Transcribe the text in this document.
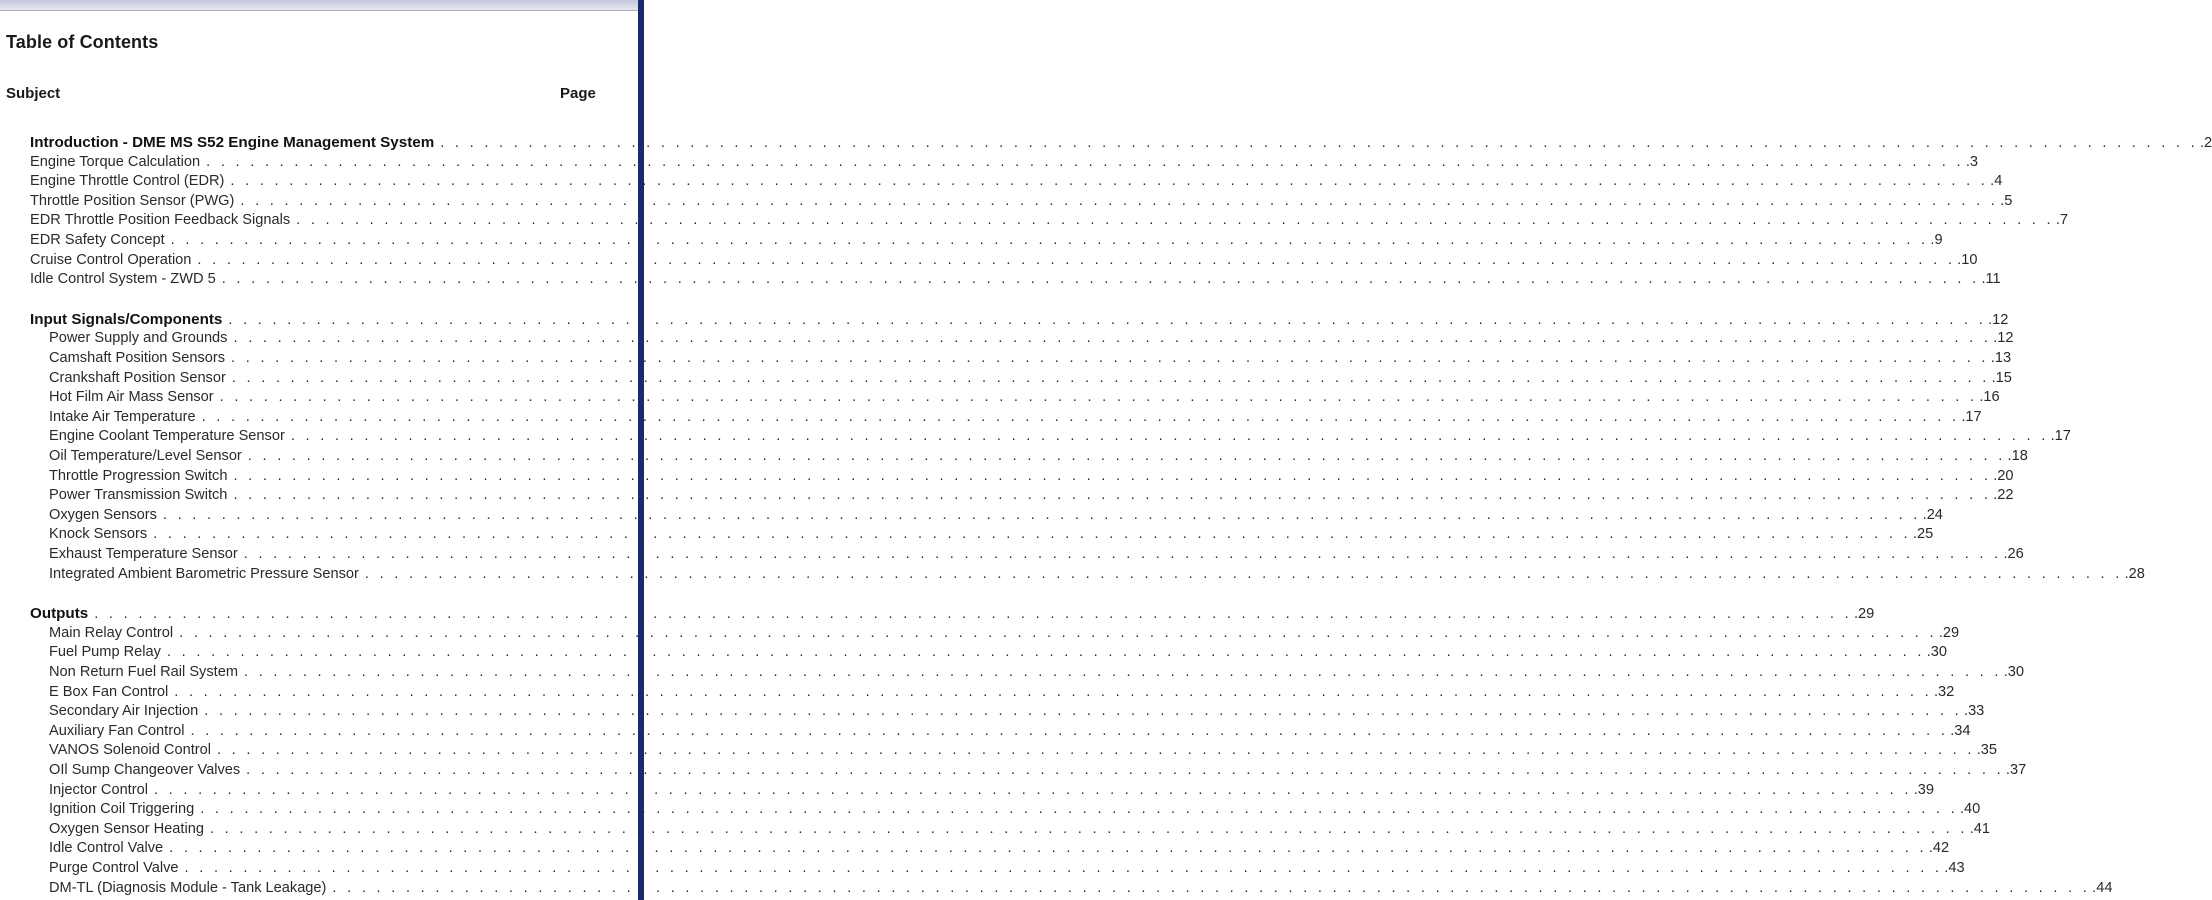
Table of Contents
Subject	Page
Introduction - DME MS S52 Engine Management System . . . . . . . . . . . . . . . . . . . . . . . . . . . . . . . . . . . . . . . . . . . . . . . . . . . . . . . . . . . . . . . . . . . . . . . . . . . . . . . . . . . . . . . . . . . . . . . . . . . . . . . . . . . . . . . . . . . . . . . . .2
Engine Torque Calculation . . . . . . . . . . . . . . . . . . . . . . . . . . . . . . . . . . . . . . . . . . . . . . . . . . . . . . . . . . . . . . . . . . . . . . . . . . . . . . . . . . . . . . . . . . . . . . . . . . . . . . . . . . . . . . . . . . . . . . . . .3
Engine Throttle Control (EDR) . . . . . . . . . . . . . . . . . . . . . . . . . . . . . . . . . . . . . . . . . . . . . . . . . . . . . . . . . . . . . . . . . . . . . . . . . . . . . . . . . . . . . . . . . . . . . . . . . . . . . . . . . . . . . . . . . . . . . . . . .4
Throttle Position Sensor (PWG) . . . . . . . . . . . . . . . . . . . . . . . . . . . . . . . . . . . . . . . . . . . . . . . . . . . . . . . . . . . . . . . . . . . . . . . . . . . . . . . . . . . . . . . . . . . . . . . . . . . . . . . . . . . . . . . . . . . . . . . . .5
EDR Throttle Position Feedback Signals . . . . . . . . . . . . . . . . . . . . . . . . . . . . . . . . . . . . . . . . . . . . . . . . . . . . . . . . . . . . . . . . . . . . . . . . . . . . . . . . . . . . . . . . . . . . . . . . . . . . . . . . . . . . . . . . . . . . . . . . .7
EDR Safety Concept . . . . . . . . . . . . . . . . . . . . . . . . . . . . . . . . . . . . . . . . . . . . . . . . . . . . . . . . . . . . . . . . . . . . . . . . . . . . . . . . . . . . . . . . . . . . . . . . . . . . . . . . . . . . . . . . . . . . . . . . .9
Cruise Control Operation . . . . . . . . . . . . . . . . . . . . . . . . . . . . . . . . . . . . . . . . . . . . . . . . . . . . . . . . . . . . . . . . . . . . . . . . . . . . . . . . . . . . . . . . . . . . . . . . . . . . . . . . . . . . . . . . . . . . . . . . .10
Idle Control System - ZWD 5 . . . . . . . . . . . . . . . . . . . . . . . . . . . . . . . . . . . . . . . . . . . . . . . . . . . . . . . . . . . . . . . . . . . . . . . . . . . . . . . . . . . . . . . . . . . . . . . . . . . . . . . . . . . . . . . . . . . . . . . . .11
Input Signals/Components . . . . . . . . . . . . . . . . . . . . . . . . . . . . . . . . . . . . . . . . . . . . . . . . . . . . . . . . . . . . . . . . . . . . . . . . . . . . . . . . . . . . . . . . . . . . . . . . . . . . . . . . . . . . . . . . . . . . . . . . .12
Power Supply and Grounds . . . . . . . . . . . . . . . . . . . . . . . . . . . . . . . . . . . . . . . . . . . . . . . . . . . . . . . . . . . . . . . . . . . . . . . . . . . . . . . . . . . . . . . . . . . . . . . . . . . . . . . . . . . . . . . . . . . . . . . . .12
Camshaft Position Sensors . . . . . . . . . . . . . . . . . . . . . . . . . . . . . . . . . . . . . . . . . . . . . . . . . . . . . . . . . . . . . . . . . . . . . . . . . . . . . . . . . . . . . . . . . . . . . . . . . . . . . . . . . . . . . . . . . . . . . . . . .13
Crankshaft Position Sensor . . . . . . . . . . . . . . . . . . . . . . . . . . . . . . . . . . . . . . . . . . . . . . . . . . . . . . . . . . . . . . . . . . . . . . . . . . . . . . . . . . . . . . . . . . . . . . . . . . . . . . . . . . . . . . . . . . . . . . . . .15
Hot Film Air Mass Sensor . . . . . . . . . . . . . . . . . . . . . . . . . . . . . . . . . . . . . . . . . . . . . . . . . . . . . . . . . . . . . . . . . . . . . . . . . . . . . . . . . . . . . . . . . . . . . . . . . . . . . . . . . . . . . . . . . . . . . . . . .16
Intake Air Temperature . . . . . . . . . . . . . . . . . . . . . . . . . . . . . . . . . . . . . . . . . . . . . . . . . . . . . . . . . . . . . . . . . . . . . . . . . . . . . . . . . . . . . . . . . . . . . . . . . . . . . . . . . . . . . . . . . . . . . . . . .17
Engine Coolant Temperature Sensor . . . . . . . . . . . . . . . . . . . . . . . . . . . . . . . . . . . . . . . . . . . . . . . . . . . . . . . . . . . . . . . . . . . . . . . . . . . . . . . . . . . . . . . . . . . . . . . . . . . . . . . . . . . . . . . . . . . . . . . . .17
Oil Temperature/Level Sensor . . . . . . . . . . . . . . . . . . . . . . . . . . . . . . . . . . . . . . . . . . . . . . . . . . . . . . . . . . . . . . . . . . . . . . . . . . . . . . . . . . . . . . . . . . . . . . . . . . . . . . . . . . . . . . . . . . . . . . . . .18
Throttle Progression Switch . . . . . . . . . . . . . . . . . . . . . . . . . . . . . . . . . . . . . . . . . . . . . . . . . . . . . . . . . . . . . . . . . . . . . . . . . . . . . . . . . . . . . . . . . . . . . . . . . . . . . . . . . . . . . . . . . . . . . . . . .20
Power Transmission Switch . . . . . . . . . . . . . . . . . . . . . . . . . . . . . . . . . . . . . . . . . . . . . . . . . . . . . . . . . . . . . . . . . . . . . . . . . . . . . . . . . . . . . . . . . . . . . . . . . . . . . . . . . . . . . . . . . . . . . . . . .22
Oxygen Sensors . . . . . . . . . . . . . . . . . . . . . . . . . . . . . . . . . . . . . . . . . . . . . . . . . . . . . . . . . . . . . . . . . . . . . . . . . . . . . . . . . . . . . . . . . . . . . . . . . . . . . . . . . . . . . . . . . . . . . . . . .24
Knock Sensors . . . . . . . . . . . . . . . . . . . . . . . . . . . . . . . . . . . . . . . . . . . . . . . . . . . . . . . . . . . . . . . . . . . . . . . . . . . . . . . . . . . . . . . . . . . . . . . . . . . . . . . . . . . . . . . . . . . . . . . . .25
Exhaust Temperature Sensor . . . . . . . . . . . . . . . . . . . . . . . . . . . . . . . . . . . . . . . . . . . . . . . . . . . . . . . . . . . . . . . . . . . . . . . . . . . . . . . . . . . . . . . . . . . . . . . . . . . . . . . . . . . . . . . . . . . . . . . . .26
Integrated Ambient Barometric Pressure Sensor . . . . . . . . . . . . . . . . . . . . . . . . . . . . . . . . . . . . . . . . . . . . . . . . . . . . . . . . . . . . . . . . . . . . . . . . . . . . . . . . . . . . . . . . . . . . . . . . . . . . . . . . . . . . . . . . . . . . . . . . .28
Outputs . . . . . . . . . . . . . . . . . . . . . . . . . . . . . . . . . . . . . . . . . . . . . . . . . . . . . . . . . . . . . . . . . . . . . . . . . . . . . . . . . . . . . . . . . . . . . . . . . . . . . . . . . . . . . . . . . . . . . . . . .29
Main Relay Control . . . . . . . . . . . . . . . . . . . . . . . . . . . . . . . . . . . . . . . . . . . . . . . . . . . . . . . . . . . . . . . . . . . . . . . . . . . . . . . . . . . . . . . . . . . . . . . . . . . . . . . . . . . . . . . . . . . . . . . . .29
Fuel Pump Relay . . . . . . . . . . . . . . . . . . . . . . . . . . . . . . . . . . . . . . . . . . . . . . . . . . . . . . . . . . . . . . . . . . . . . . . . . . . . . . . . . . . . . . . . . . . . . . . . . . . . . . . . . . . . . . . . . . . . . . . . .30
Non Return Fuel Rail System . . . . . . . . . . . . . . . . . . . . . . . . . . . . . . . . . . . . . . . . . . . . . . . . . . . . . . . . . . . . . . . . . . . . . . . . . . . . . . . . . . . . . . . . . . . . . . . . . . . . . . . . . . . . . . . . . . . . . . . . .30
E Box Fan Control . . . . . . . . . . . . . . . . . . . . . . . . . . . . . . . . . . . . . . . . . . . . . . . . . . . . . . . . . . . . . . . . . . . . . . . . . . . . . . . . . . . . . . . . . . . . . . . . . . . . . . . . . . . . . . . . . . . . . . . . .32
Secondary Air Injection . . . . . . . . . . . . . . . . . . . . . . . . . . . . . . . . . . . . . . . . . . . . . . . . . . . . . . . . . . . . . . . . . . . . . . . . . . . . . . . . . . . . . . . . . . . . . . . . . . . . . . . . . . . . . . . . . . . . . . . . .33
Auxiliary Fan Control . . . . . . . . . . . . . . . . . . . . . . . . . . . . . . . . . . . . . . . . . . . . . . . . . . . . . . . . . . . . . . . . . . . . . . . . . . . . . . . . . . . . . . . . . . . . . . . . . . . . . . . . . . . . . . . . . . . . . . . . .34
VANOS Solenoid Control . . . . . . . . . . . . . . . . . . . . . . . . . . . . . . . . . . . . . . . . . . . . . . . . . . . . . . . . . . . . . . . . . . . . . . . . . . . . . . . . . . . . . . . . . . . . . . . . . . . . . . . . . . . . . . . . . . . . . . . . .35
OIl Sump Changeover Valves . . . . . . . . . . . . . . . . . . . . . . . . . . . . . . . . . . . . . . . . . . . . . . . . . . . . . . . . . . . . . . . . . . . . . . . . . . . . . . . . . . . . . . . . . . . . . . . . . . . . . . . . . . . . . . . . . . . . . . . . .37
Injector Control . . . . . . . . . . . . . . . . . . . . . . . . . . . . . . . . . . . . . . . . . . . . . . . . . . . . . . . . . . . . . . . . . . . . . . . . . . . . . . . . . . . . . . . . . . . . . . . . . . . . . . . . . . . . . . . . . . . . . . . . .39
Ignition Coil Triggering . . . . . . . . . . . . . . . . . . . . . . . . . . . . . . . . . . . . . . . . . . . . . . . . . . . . . . . . . . . . . . . . . . . . . . . . . . . . . . . . . . . . . . . . . . . . . . . . . . . . . . . . . . . . . . . . . . . . . . . . .40
Oxygen Sensor Heating . . . . . . . . . . . . . . . . . . . . . . . . . . . . . . . . . . . . . . . . . . . . . . . . . . . . . . . . . . . . . . . . . . . . . . . . . . . . . . . . . . . . . . . . . . . . . . . . . . . . . . . . . . . . . . . . . . . . . . . . .41
Idle Control Valve . . . . . . . . . . . . . . . . . . . . . . . . . . . . . . . . . . . . . . . . . . . . . . . . . . . . . . . . . . . . . . . . . . . . . . . . . . . . . . . . . . . . . . . . . . . . . . . . . . . . . . . . . . . . . . . . . . . . . . . . .42
Purge Control Valve . . . . . . . . . . . . . . . . . . . . . . . . . . . . . . . . . . . . . . . . . . . . . . . . . . . . . . . . . . . . . . . . . . . . . . . . . . . . . . . . . . . . . . . . . . . . . . . . . . . . . . . . . . . . . . . . . . . . . . . . .43
DM-TL (Diagnosis Module - Tank Leakage) . . . . . . . . . . . . . . . . . . . . . . . . . . . . . . . . . . . . . . . . . . . . . . . . . . . . . . . . . . . . . . . . . . . . . . . . . . . . . . . . . . . . . . . . . . . . . . . . . . . . . . . . . . . . . . . . . . . . . . . . .44
